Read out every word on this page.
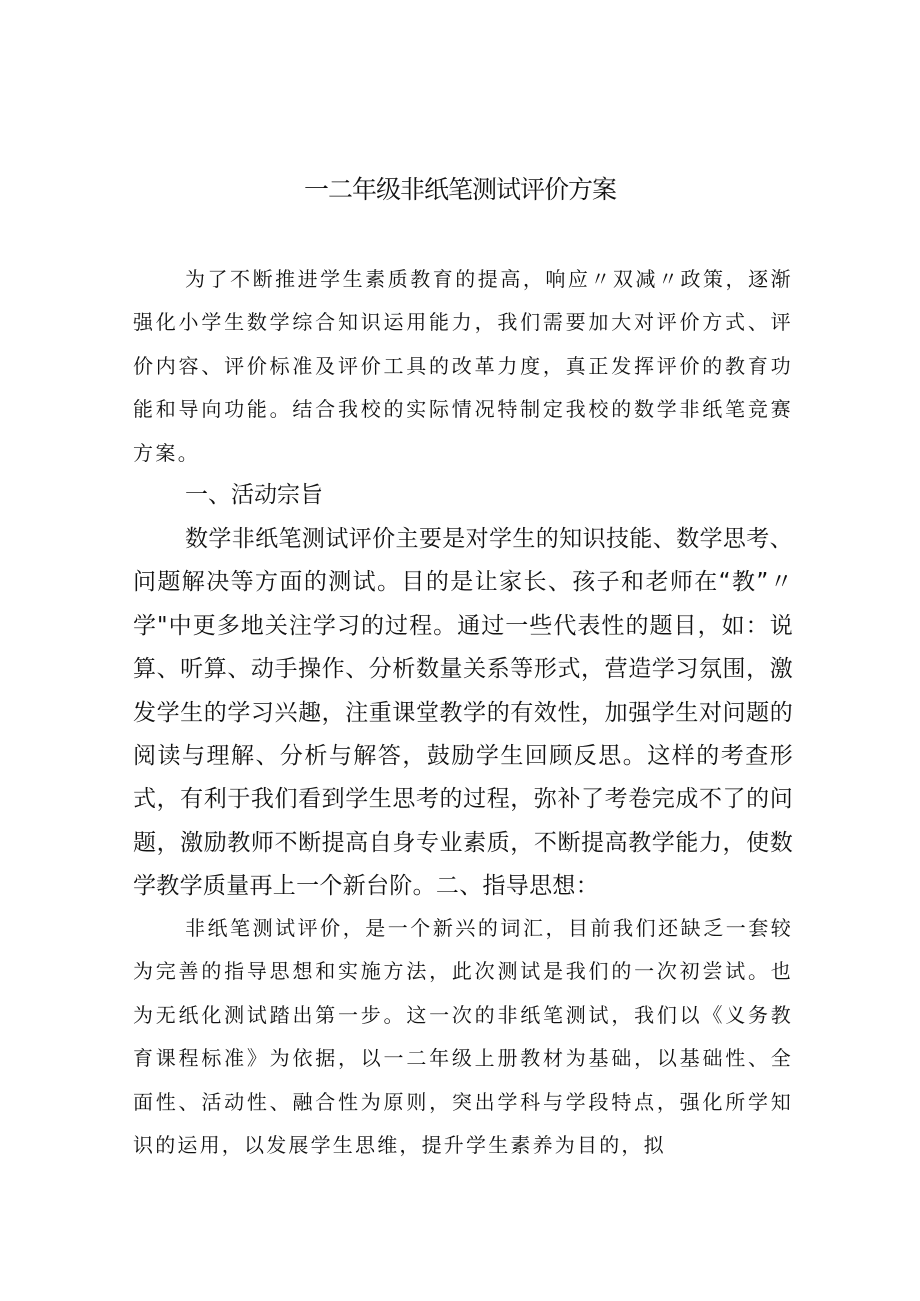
一二年级非纸笔测试评价方案

为了不断推进学生素质教育的提高，响应〃双减〃政策，逐渐强化小学生数学综合知识运用能力，我们需要加大对评价方式、评价内容、评价标准及评价工具的改革力度，真正发挥评价的教育功能和导向功能。结合我校的实际情况特制定我校的数学非纸笔竞赛方案。

一、活动宗旨

数学非纸笔测试评价主要是对学生的知识技能、数学思考、问题解决等方面的测试。目的是让家长、孩子和老师在“教”〃学"中更多地关注学习的过程。通过一些代表性的题目，如：说算、听算、动手操作、分析数量关系等形式，营造学习氛围，激发学生的学习兴趣，注重课堂教学的有效性，加强学生对问题的阅读与理解、分析与解答，鼓励学生回顾反思。这样的考查形式，有利于我们看到学生思考的过程，弥补了考卷完成不了的问题，激励教师不断提高自身专业素质，不断提高教学能力，使数学教学质量再上一个新台阶。二、指导思想：

非纸笔测试评价，是一个新兴的词汇，目前我们还缺乏一套较为完善的指导思想和实施方法，此次测试是我们的一次初尝试。也为无纸化测试踏出第一步。这一次的非纸笔测试，我们以《义务教育课程标准》为依据，以一二年级上册教材为基础，以基础性、全面性、活动性、融合性为原则，突出学科与学段特点，强化所学知识的运用，以发展学生思维，提升学生素养为目的，拟
